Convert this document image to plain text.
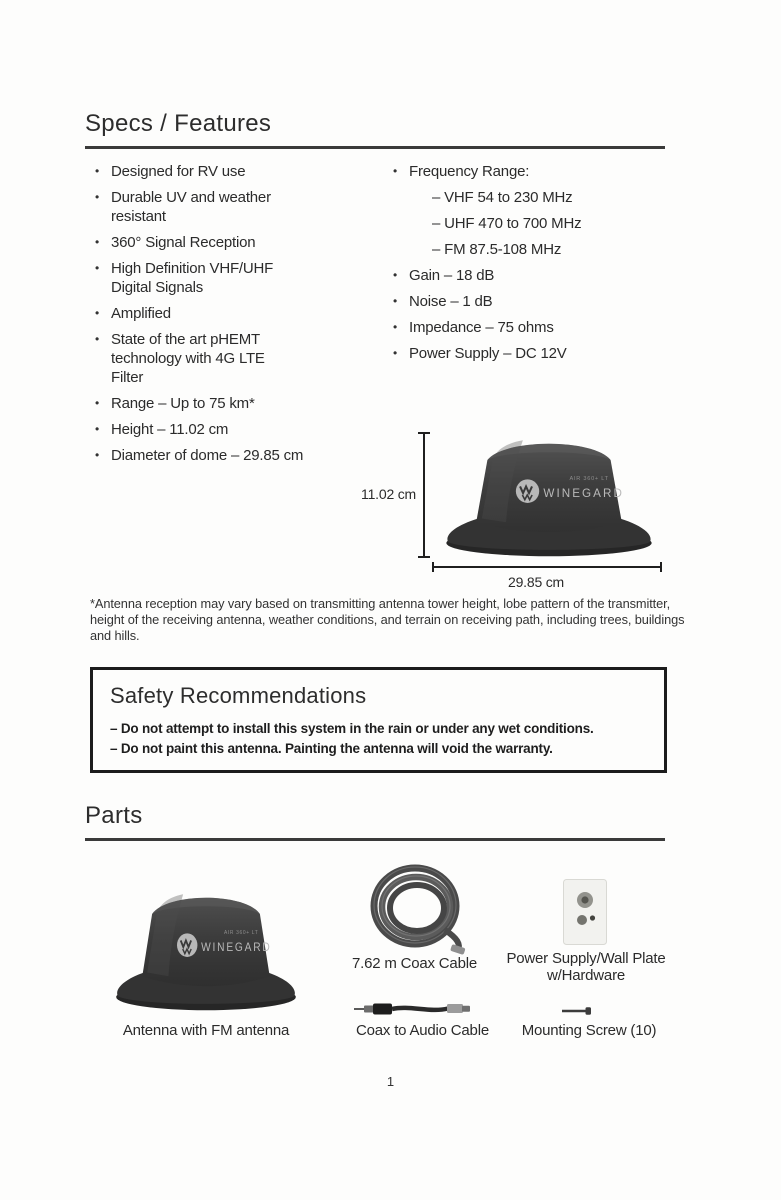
Specs / Features
• Designed for RV use
• Durable UV and weather
resistant
• 360° Signal Reception
• High Definition VHF/UHF
Digital Signals
• Amplified
• State of the art pHEMT
technology with 4G LTE
Filter
• Range – Up to 75 km*
• Height – 11.02 cm
• Diameter of dome – 29.85 cm
• Frequency Range:
– VHF 54 to 230 MHz
– UHF 470 to 700 MHz
– FM 87.5-108 MHz
• Gain – 18 dB
• Noise – 1 dB
• Impedance – 75 ohms
• Power Supply – DC 12V
WINEGARD
AIR 360+ LT
11.02 cm
29.85 cm
*Antenna reception may vary based on transmitting antenna tower height, lobe pattern of the transmitter, height of the receiving antenna, weather conditions, and terrain on receiving path, including trees, buildings and hills.
Safety Recommendations
– Do not attempt to install this system in the rain or under any wet conditions.
– Do not paint this antenna. Painting the antenna will void the warranty.
Parts
WINEGARD
AIR 360+ LT
Antenna with FM antenna
7.62 m Coax Cable	Power Supply/Wall Plate
w/Hardware
Coax to Audio Cable	Mounting Screw (10)
1
